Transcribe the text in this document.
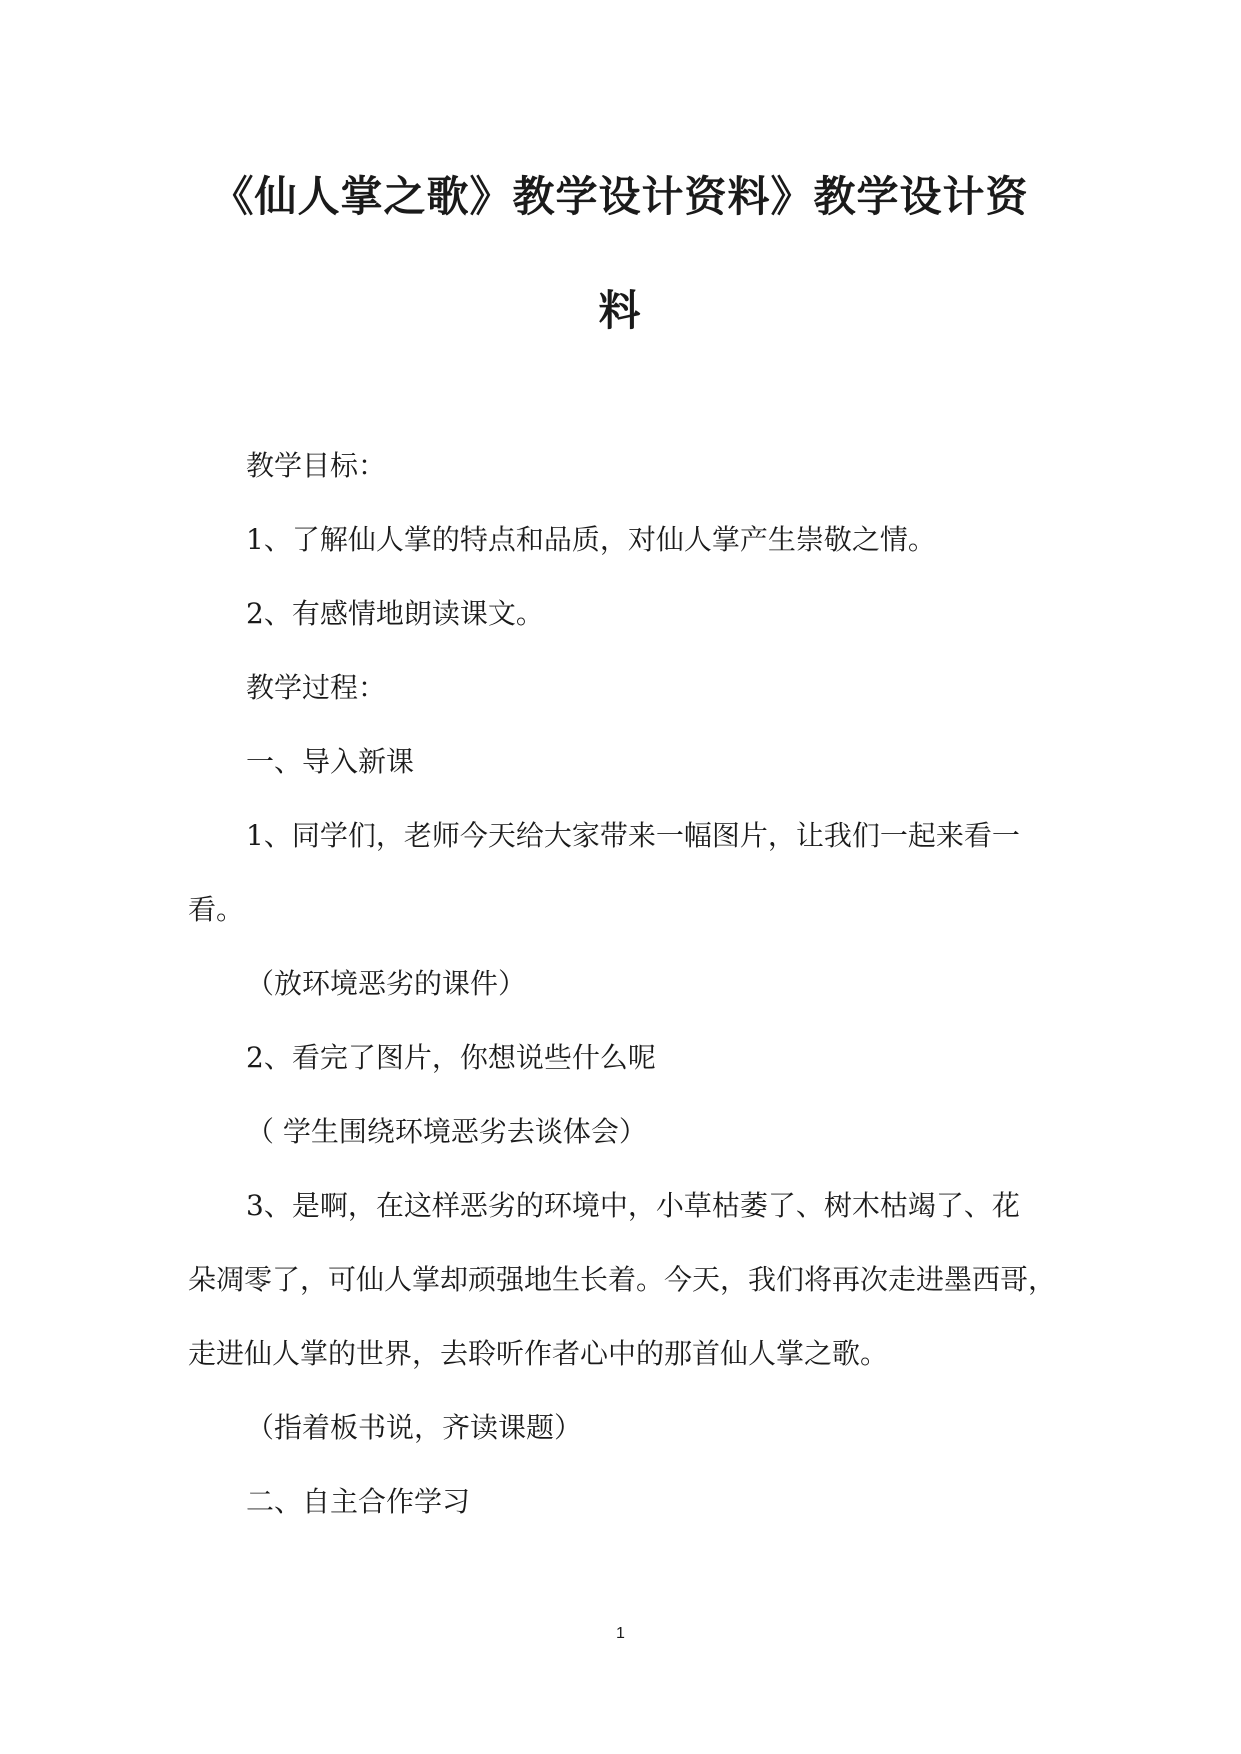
《仙人掌之歌》教学设计资料》教学设计资
料

教学目标：

1、了解仙人掌的特点和品质，对仙人掌产生崇敬之情。

2、有感情地朗读课文。

教学过程：

一、导入新课

1、同学们，老师今天给大家带来一幅图片，让我们一起来看一

看。

（放环境恶劣的课件）

2、看完了图片，你想说些什么呢

（ 学生围绕环境恶劣去谈体会）

3、是啊，在这样恶劣的环境中，小草枯萎了、树木枯竭了、花

朵凋零了，可仙人掌却顽强地生长着。今天，我们将再次走进墨西哥，

走进仙人掌的世界，去聆听作者心中的那首仙人掌之歌。

（指着板书说，齐读课题）

二、自主合作学习

1
